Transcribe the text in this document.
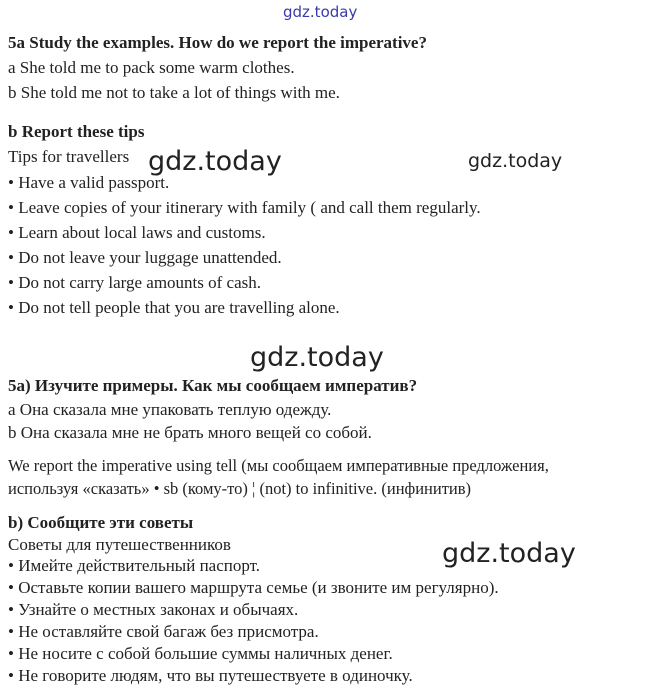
gdz.today
gdz.today	gdz.today
gdz.today
gdz.today
5a Study the examples. How do we report the imperative?
a She told me to pack some warm clothes.
b She told me not to take a lot of things with me.
b Report these tips
Tips for travellers
• Have a valid passport.
• Leave copies of your itinerary with family ( and call them regularly.
• Learn about local laws and customs.
• Do not leave your luggage unattended.
• Do not carry large amounts of cash.
• Do not tell people that you are travelling alone.
5a) Изучите примеры. Как мы сообщаем императив?
а Она сказала мне упаковать теплую одежду.
b Она сказала мне не брать много вещей со собой.
We report the imperative using tell (мы сообщаем императивные предложения,
используя «сказать» • sb (кому-то) ¦ (not) to infinitive. (инфинитив)
b) Сообщите эти советы
Советы для путешественников
• Имейте действительный паспорт.
• Оставьте копии вашего маршрута семье (и звоните им регулярно).
• Узнайте о местных законах и обычаях.
• Не оставляйте свой багаж без присмотра.
• Не носите с собой большие суммы наличных денег.
• Не говорите людям, что вы путешествуете в одиночку.
